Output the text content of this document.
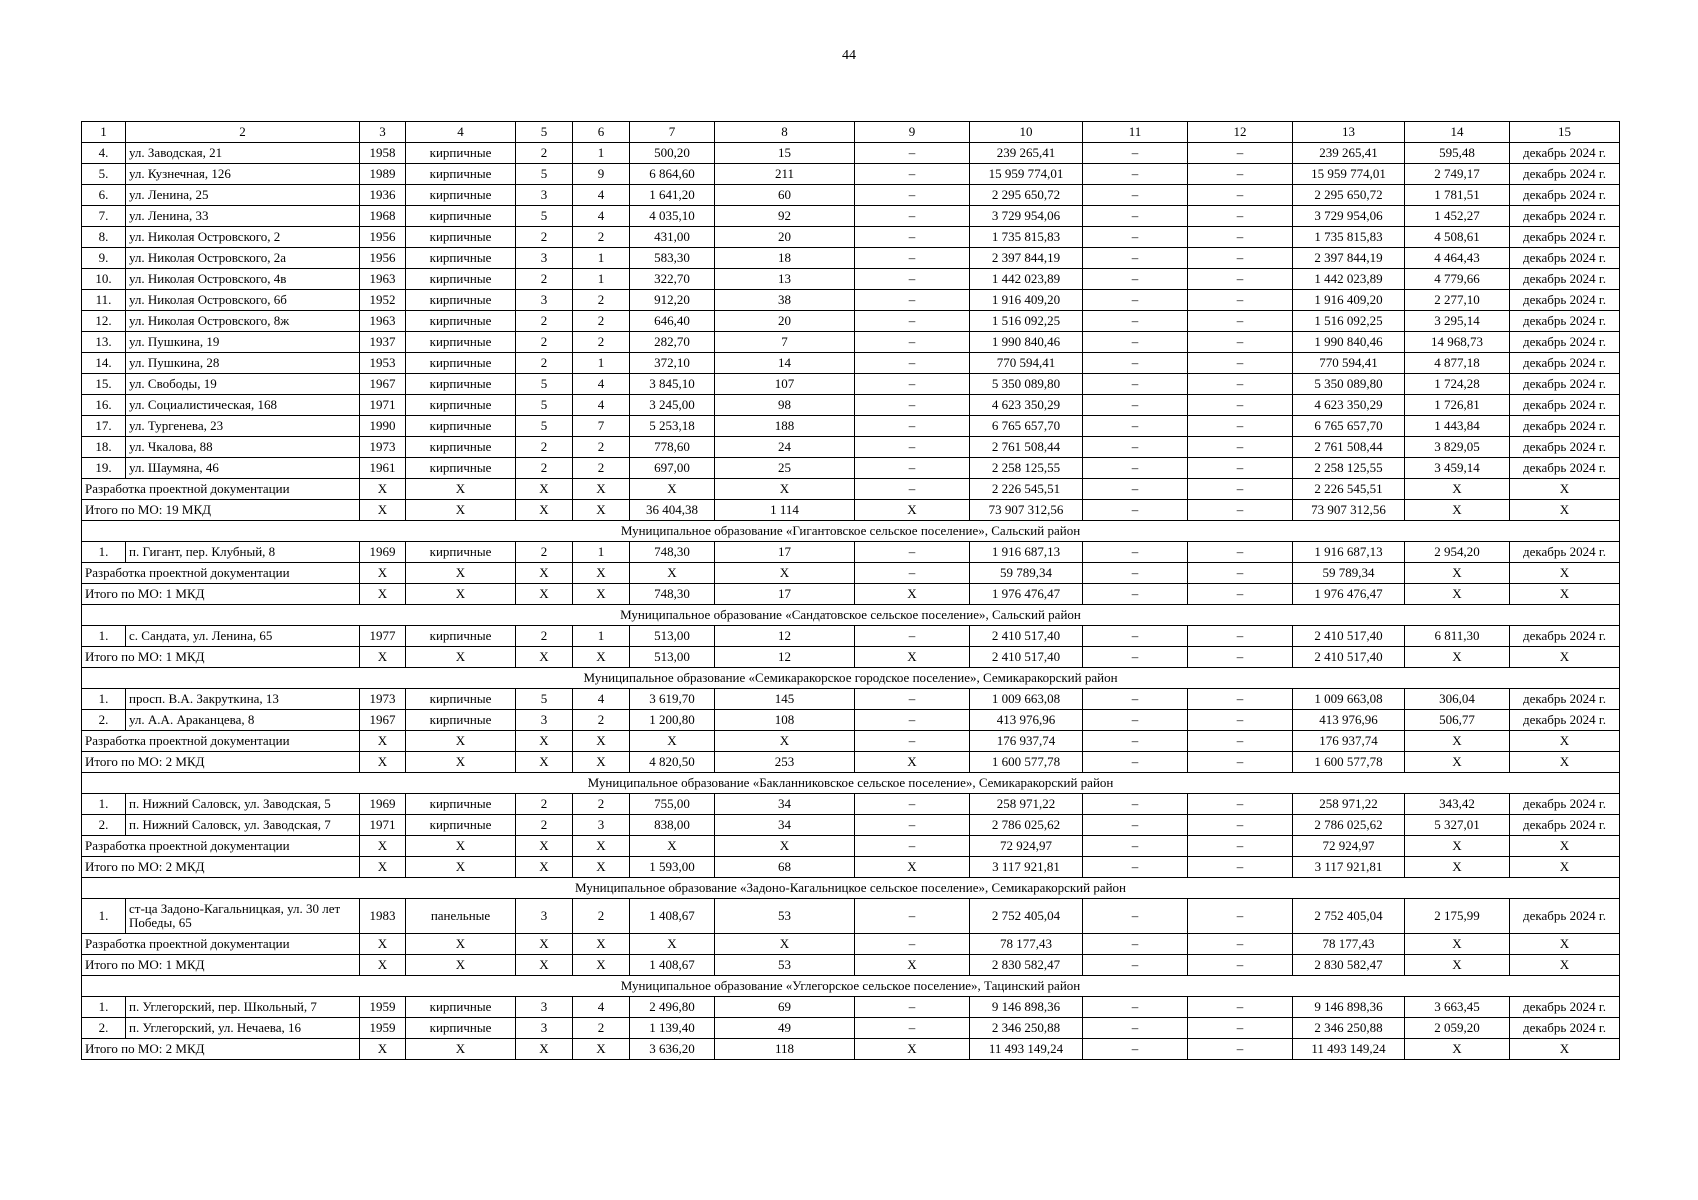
44
1	2	3	4	5	6	7	8	9	10	11	12	13	14	15
4.	ул. Заводская, 21	1958	кирпичные	2	1	500,20	15	–	239 265,41	–	–	239 265,41	595,48	декабрь 2024 г.
5.	ул. Кузнечная, 126	1989	кирпичные	5	9	6 864,60	211	–	15 959 774,01	–	–	15 959 774,01	2 749,17	декабрь 2024 г.
6.	ул. Ленина, 25	1936	кирпичные	3	4	1 641,20	60	–	2 295 650,72	–	–	2 295 650,72	1 781,51	декабрь 2024 г.
7.	ул. Ленина, 33	1968	кирпичные	5	4	4 035,10	92	–	3 729 954,06	–	–	3 729 954,06	1 452,27	декабрь 2024 г.
8.	ул. Николая Островского, 2	1956	кирпичные	2	2	431,00	20	–	1 735 815,83	–	–	1 735 815,83	4 508,61	декабрь 2024 г.
9.	ул. Николая Островского, 2а	1956	кирпичные	3	1	583,30	18	–	2 397 844,19	–	–	2 397 844,19	4 464,43	декабрь 2024 г.
10.	ул. Николая Островского, 4в	1963	кирпичные	2	1	322,70	13	–	1 442 023,89	–	–	1 442 023,89	4 779,66	декабрь 2024 г.
11.	ул. Николая Островского, 6б	1952	кирпичные	3	2	912,20	38	–	1 916 409,20	–	–	1 916 409,20	2 277,10	декабрь 2024 г.
12.	ул. Николая Островского, 8ж	1963	кирпичные	2	2	646,40	20	–	1 516 092,25	–	–	1 516 092,25	3 295,14	декабрь 2024 г.
13.	ул. Пушкина, 19	1937	кирпичные	2	2	282,70	7	–	1 990 840,46	–	–	1 990 840,46	14 968,73	декабрь 2024 г.
14.	ул. Пушкина, 28	1953	кирпичные	2	1	372,10	14	–	770 594,41	–	–	770 594,41	4 877,18	декабрь 2024 г.
15.	ул. Свободы, 19	1967	кирпичные	5	4	3 845,10	107	–	5 350 089,80	–	–	5 350 089,80	1 724,28	декабрь 2024 г.
16.	ул. Социалистическая, 168	1971	кирпичные	5	4	3 245,00	98	–	4 623 350,29	–	–	4 623 350,29	1 726,81	декабрь 2024 г.
17.	ул. Тургенева, 23	1990	кирпичные	5	7	5 253,18	188	–	6 765 657,70	–	–	6 765 657,70	1 443,84	декабрь 2024 г.
18.	ул. Чкалова, 88	1973	кирпичные	2	2	778,60	24	–	2 761 508,44	–	–	2 761 508,44	3 829,05	декабрь 2024 г.
19.	ул. Шаумяна, 46	1961	кирпичные	2	2	697,00	25	–	2 258 125,55	–	–	2 258 125,55	3 459,14	декабрь 2024 г.
Разработка проектной документации		X	X	X	X	X	X	–	2 226 545,51	–	–	2 226 545,51	X	X
Итого по МО: 19 МКД		X	X	X	X	36 404,38	1 114	X	73 907 312,56	–	–	73 907 312,56	X	X
Муниципальное образование «Гигантовское сельское поселение», Сальский район														
1.	п. Гигант, пер. Клубный, 8	1969	кирпичные	2	1	748,30	17	–	1 916 687,13	–	–	1 916 687,13	2 954,20	декабрь 2024 г.
Разработка проектной документации		X	X	X	X	X	X	–	59 789,34	–	–	59 789,34	X	X
Итого по МО: 1 МКД		X	X	X	X	748,30	17	X	1 976 476,47	–	–	1 976 476,47	X	X
Муниципальное образование «Сандатовское сельское поселение», Сальский район														
1.	с. Сандата, ул. Ленина, 65	1977	кирпичные	2	1	513,00	12	–	2 410 517,40	–	–	2 410 517,40	6 811,30	декабрь 2024 г.
Итого по МО: 1 МКД		X	X	X	X	513,00	12	X	2 410 517,40	–	–	2 410 517,40	X	X
Муниципальное образование «Семикаракорское городское поселение», Семикаракорский район														
1.	просп. В.А. Закруткина, 13	1973	кирпичные	5	4	3 619,70	145	–	1 009 663,08	–	–	1 009 663,08	306,04	декабрь 2024 г.
2.	ул. А.А. Араканцева, 8	1967	кирпичные	3	2	1 200,80	108	–	413 976,96	–	–	413 976,96	506,77	декабрь 2024 г.
Разработка проектной документации		X	X	X	X	X	X	–	176 937,74	–	–	176 937,74	X	X
Итого по МО: 2 МКД		X	X	X	X	4 820,50	253	X	1 600 577,78	–	–	1 600 577,78	X	X
Муниципальное образование «Бакланниковское сельское поселение», Семикаракорский район														
1.	п. Нижний Саловск, ул. Заводская, 5	1969	кирпичные	2	2	755,00	34	–	258 971,22	–	–	258 971,22	343,42	декабрь 2024 г.
2.	п. Нижний Саловск, ул. Заводская, 7	1971	кирпичные	2	3	838,00	34	–	2 786 025,62	–	–	2 786 025,62	5 327,01	декабрь 2024 г.
Разработка проектной документации		X	X	X	X	X	X	–	72 924,97	–	–	72 924,97	X	X
Итого по МО: 2 МКД		X	X	X	X	1 593,00	68	X	3 117 921,81	–	–	3 117 921,81	X	X
Муниципальное образование «Задоно-Кагальницкое сельское поселение», Семикаракорский район														
1.	ст-ца Задоно-Кагальницкая, ул. 30 лет Победы, 65	1983	панельные	3	2	1 408,67	53	–	2 752 405,04	–	–	2 752 405,04	2 175,99	декабрь 2024 г.
Разработка проектной документации		X	X	X	X	X	X	–	78 177,43	–	–	78 177,43	X	X
Итого по МО: 1 МКД		X	X	X	X	1 408,67	53	X	2 830 582,47	–	–	2 830 582,47	X	X
Муниципальное образование «Углегорское сельское поселение», Тацинский район														
1.	п. Углегорский, пер. Школьный, 7	1959	кирпичные	3	4	2 496,80	69	–	9 146 898,36	–	–	9 146 898,36	3 663,45	декабрь 2024 г.
2.	п. Углегорский, ул. Нечаева, 16	1959	кирпичные	3	2	1 139,40	49	–	2 346 250,88	–	–	2 346 250,88	2 059,20	декабрь 2024 г.
Итого по МО: 2 МКД		X	X	X	X	3 636,20	118	X	11 493 149,24	–	–	11 493 149,24	X	X
